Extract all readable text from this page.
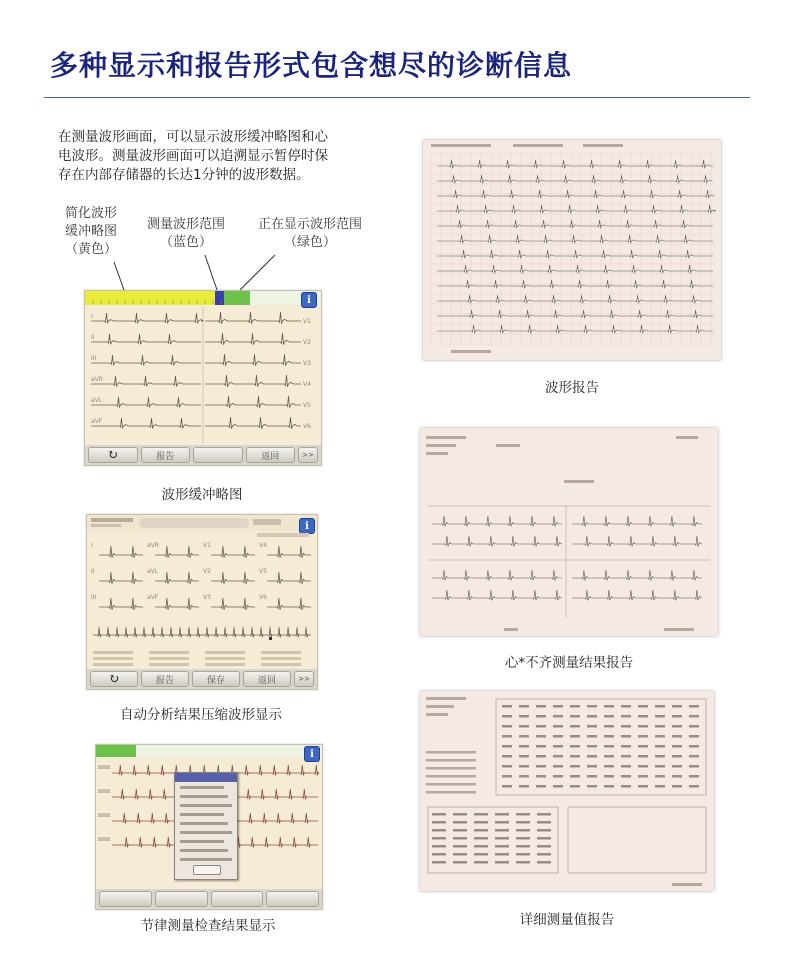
多种显示和报告形式包含想尽的诊断信息
在测量波形画面，可以显示波形缓冲略图和心
电波形。测量波形画面可以追溯显示暂停时保
存在内部存储器的长达1分钟的波形数据。
简化波形
缓冲略图
（黄色）
测量波形范围
（蓝色）
正在显示波形范围
（绿色）
i
I
V1
II
V2
III
V3
aVR
V4
aVL
V5
aVF
V6
↻	报告	返回	>>
波形缓冲略图
i
I	aVR	V1	V4
II	aVL	V2	V5
III	aVF	V3	V6
↻	报告	保存	返回	>>
自动分析结果压缩波形显示
i
节律测量检查结果显示
波形报告
心*不齐测量结果报告
详细测量值报告
